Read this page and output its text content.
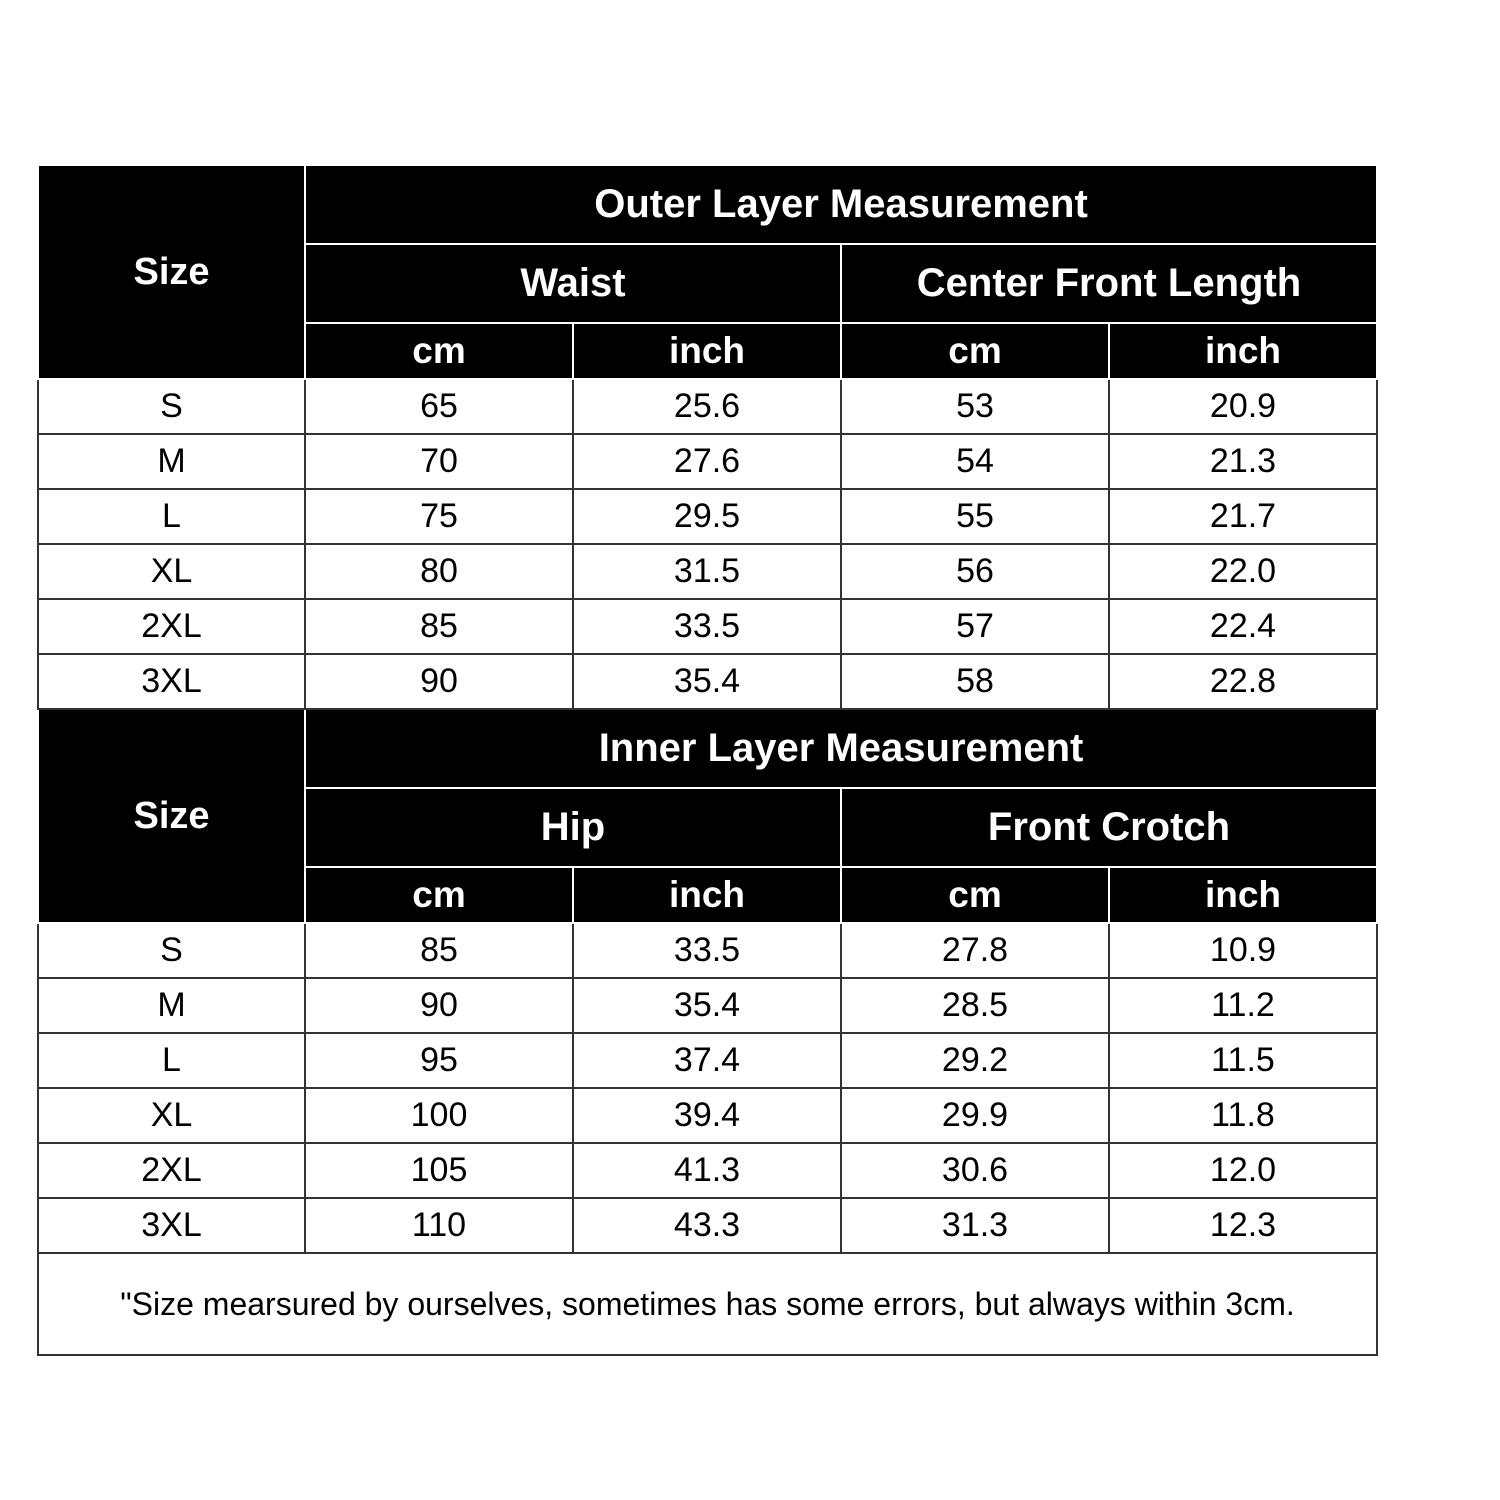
Size	Outer Layer Measurement			
	Waist		Center Front Length	
	cm	inch	cm	inch
S	65	25.6	53	20.9
M	70	27.6	54	21.3
L	75	29.5	55	21.7
XL	80	31.5	56	22.0
2XL	85	33.5	57	22.4
3XL	90	35.4	58	22.8
Size	Inner Layer Measurement			
	Hip		Front Crotch	
	cm	inch	cm	inch
S	85	33.5	27.8	10.9
M	90	35.4	28.5	11.2
L	95	37.4	29.2	11.5
XL	100	39.4	29.9	11.8
2XL	105	41.3	30.6	12.0
3XL	110	43.3	31.3	12.3
"Size mearsured by ourselves, sometimes has some errors, but always within 3cm.				
